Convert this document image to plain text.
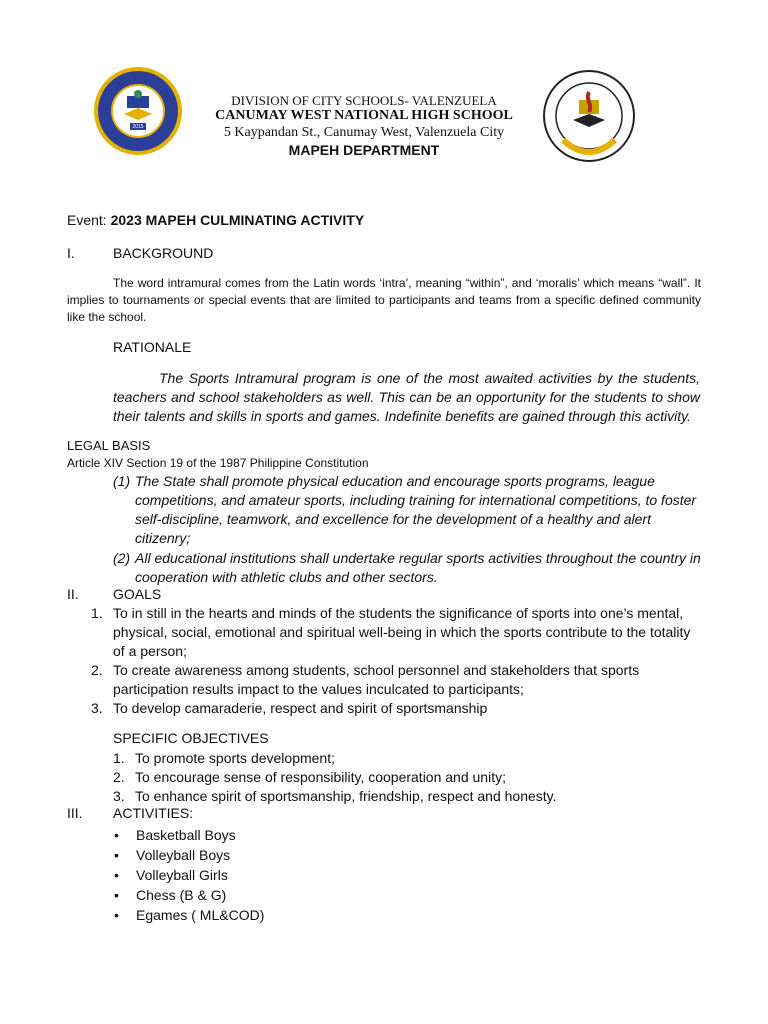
2015
DIVISION OF CITY SCHOOLS- VALENZUELA
CANUMAY WEST NATIONAL HIGH SCHOOL
5 Kaypandan St., Canumay West, Valenzuela City
MAPEH DEPARTMENT
Event: 2023 MAPEH CULMINATING ACTIVITY
I.	BACKGROUND
The word intramural comes from the Latin words ‘intra’, meaning “within”, and ‘moralis’ which means “wall”. It implies to tournaments or special events that are limited to participants and teams from a specific defined community like the school.
RATIONALE
The Sports Intramural program is one of the most awaited activities by the students, teachers and school stakeholders as well. This can be an opportunity for the students to show their talents and skills in sports and games. Indefinite benefits are gained through this activity.
LEGAL BASIS
Article XIV Section 19 of the 1987 Philippine Constitution
(1) The State shall promote physical education and encourage sports programs, league competitions, and amateur sports, including training for international competitions, to foster self-discipline, teamwork, and excellence for the development of a healthy and alert citizenry;
(2) All educational institutions shall undertake regular sports activities throughout the country in cooperation with athletic clubs and other sectors.
II. GOALS
1. To in still in the hearts and minds of the students the significance of sports into one’s mental, physical, social, emotional and spiritual well-being in which the sports contribute to the totality of a person;
2. To create awareness among students, school personnel and stakeholders that sports participation results impact to the values inculcated to participants;
3. To develop camaraderie, respect and spirit of sportsmanship
SPECIFIC OBJECTIVES
1. To promote sports development;
2. To encourage sense of responsibility, cooperation and unity;
3. To enhance spirit of sportsmanship, friendship, respect and honesty.
III. ACTIVITIES:
• Basketball Boys
• Volleyball Boys
• Volleyball Girls
• Chess (B & G)
• Egames ( ML&COD)
